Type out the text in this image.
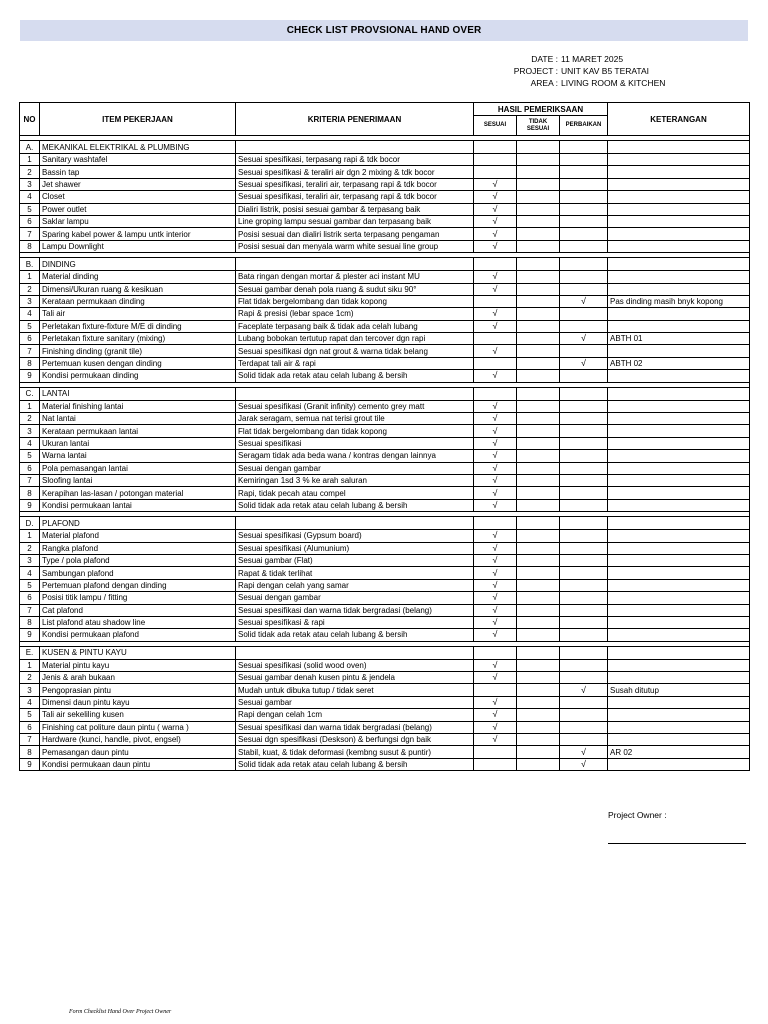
CHECK LIST PROVSIONAL HAND OVER
DATE : 11 MARET 2025
PROJECT : UNIT KAV B5 TERATAI
AREA : LIVING ROOM & KITCHEN
NO	ITEM PEKERJAAN	KRITERIA PENERIMAAN	HASIL PEMERIKSAAN			KETERANGAN
			SESUAI	TIDAK SESUAI	PERBAIKAN	

A.	MEKANIKAL ELEKTRIKAL & PLUMBING					
1	Sanitary washtafel	Sesuai spesifikasi, terpasang rapi & tdk bocor				
2	Bassin tap	Sesuai spesifikasi & teraliri air dgn 2 mixing & tdk bocor				
3	Jet shawer	Sesuai spesifikasi, teraliri air, terpasang rapi & tdk bocor	√			
4	Closet	Sesuai spesifikasi, teraliri air, terpasang rapi & tdk bocor	√			
5	Power outlet	Dialiri listrik, posisi sesuai gambar & terpasang baik	√			
6	Saklar lampu	Line groping lampu sesuai gambar dan terpasang baik	√			
7	Sparing kabel power & lampu untk interior	Posisi sesuai dan dialiri listrik serta terpasang pengaman	√			
8	Lampu Downlight	Posisi sesuai dan menyala warm white sesuai line group	√			

B.	DINDING					
1	Material dinding	Bata ringan dengan mortar & plester aci instant MU	√			
2	Dimensi/Ukuran ruang & kesikuan	Sesuai gambar denah pola ruang & sudut siku 90°	√			
3	Kerataan permukaan dinding	Flat tidak bergelombang dan tidak kopong			√	Pas dinding masih bnyk kopong
4	Tali air	Rapi & presisi (lebar space 1cm)	√			
5	Perletakan fixture-fixture M/E di dinding	Faceplate terpasang baik & tidak ada celah lubang	√			
6	Perletakan fixture sanitary (mixing)	Lubang bobokan tertutup rapat dan tercover dgn rapi			√	ABTH 01
7	Finishing dinding (granit tile)	Sesuai spesifikasi dgn nat grout & warna tidak belang	√			
8	Pertemuan kusen dengan dinding	Terdapat tali air & rapi			√	ABTH 02
9	Kondisi permukaan dinding	Solid tidak ada retak atau celah lubang & bersih	√			

C.	LANTAI					
1	Material finishing lantai	Sesuai spesifikasi (Granit infinity) cemento grey matt	√			
2	Nat lantai	Jarak seragam, semua nat terisi grout tile	√			
3	Kerataan permukaan lantai	Flat tidak bergelombang dan tidak kopong	√			
4	Ukuran lantai	Sesuai spesifikasi	√			
5	Warna lantai	Seragam tidak ada beda wana / kontras dengan lainnya	√			
6	Pola pemasangan lantai	Sesuai dengan gambar	√			
7	Sloofing lantai	Kemiringan 1sd 3 % ke arah saluran	√			
8	Kerapihan las-lasan / potongan material	Rapi, tidak pecah atau compel	√			
9	Kondisi permukaan lantai	Solid tidak ada retak atau celah lubang & bersih	√			

D.	PLAFOND					
1	Material plafond	Sesuai spesifikasi (Gypsum board)	√			
2	Rangka plafond	Sesuai spesifikasi (Alumunium)	√			
3	Type / pola plafond	Sesuai gambar (Flat)	√			
4	Sambungan plafond	Rapat & tidak terlihat	√			
5	Pertemuan plafond dengan dinding	Rapi dengan celah yang samar	√			
6	Posisi titik lampu / fitting	Sesuai dengan gambar	√			
7	Cat plafond	Sesuai spesifikasi dan warna tidak bergradasi (belang)	√			
8	List plafond atau shadow line	Sesuai spesifikasi & rapi	√			
9	Kondisi permukaan plafond	Solid tidak ada retak atau celah lubang & bersih	√			

E.	KUSEN & PINTU KAYU					
1	Material pintu kayu	Sesuai spesifikasi (solid wood oven)	√			
2	Jenis & arah bukaan	Sesuai gambar denah kusen pintu & jendela	√			
3	Pengoprasian pintu	Mudah untuk dibuka tutup / tidak seret			√	Susah ditutup
4	Dimensi daun pintu kayu	Sesuai gambar	√			
5	Tali air sekeliling kusen	Rapi dengan celah 1cm	√			
6	Finishing cat politure daun pintu ( warna )	Sesuai spesifikasi dan warna tidak bergradasi (belang)	√			
7	Hardware (kunci, handle, pivot, engsel)	Sesuai dgn spesifikasi (Deskson) & berfungsi dgn baik	√			
8	Pemasangan daun pintu	Stabil, kuat, & tidak deformasi (kembng susut & puntir)			√	AR 02
9	Kondisi permukaan daun pintu	Solid tidak ada retak atau celah lubang & bersih			√	
Project Owner :
Form Checklist Hand Over Project Owner
